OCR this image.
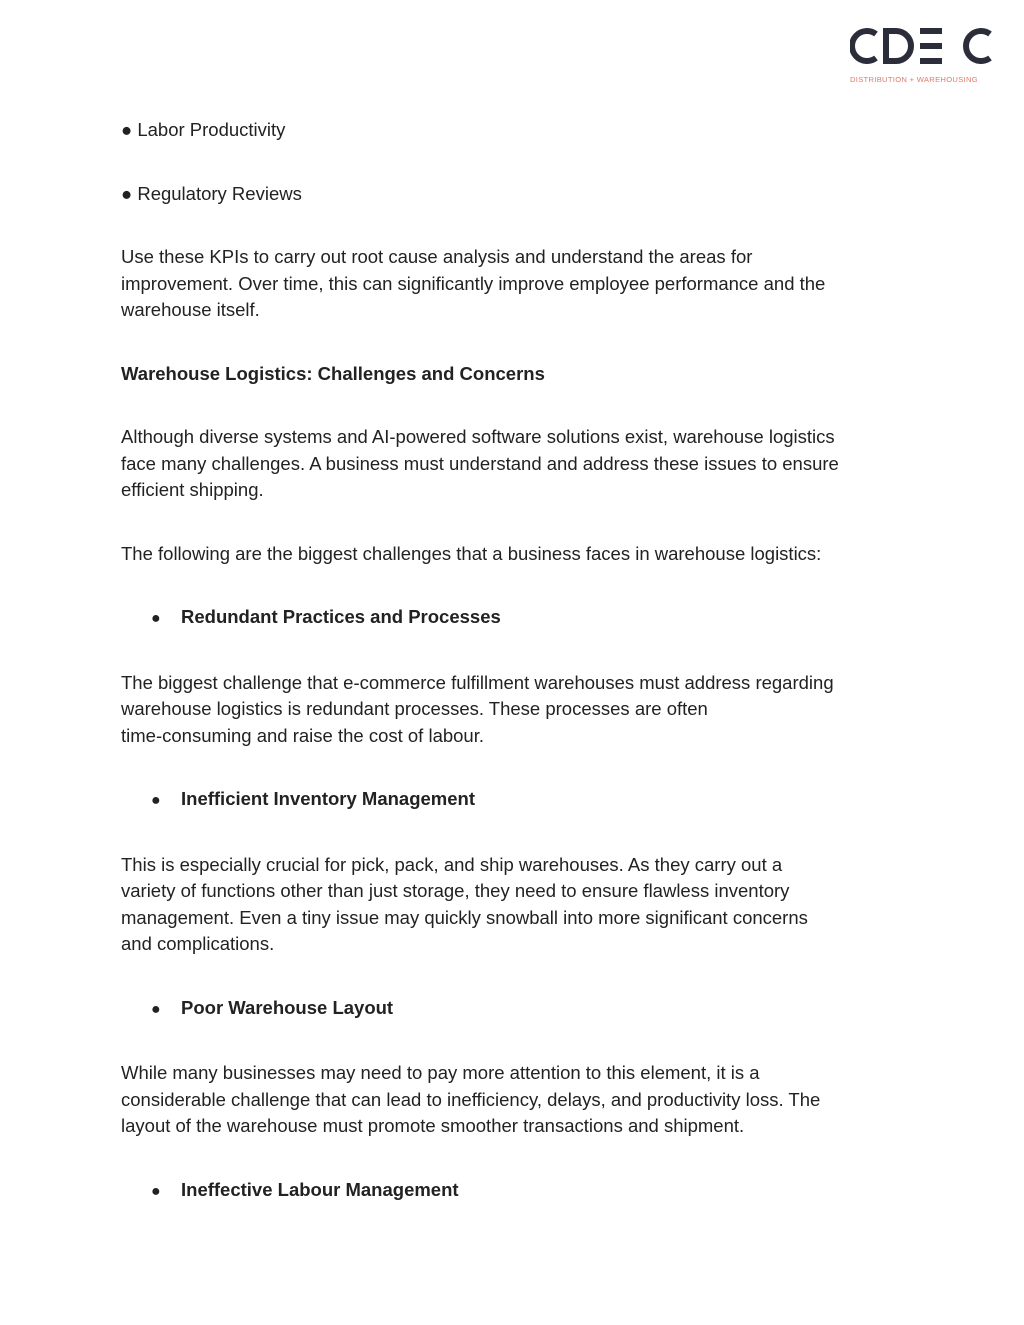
DISTRIBUTION + WAREHOUSING
● Labor Productivity
● Regulatory Reviews
Use these KPIs to carry out root cause analysis and understand the areas for
improvement. Over time, this can significantly improve employee performance and the
warehouse itself.
Warehouse Logistics: Challenges and Concerns
Although diverse systems and AI-powered software solutions exist, warehouse logistics
face many challenges. A business must understand and address these issues to ensure
efficient shipping.
The following are the biggest challenges that a business faces in warehouse logistics:
●	Redundant Practices and Processes
The biggest challenge that e-commerce fulfillment warehouses must address regarding
warehouse logistics is redundant processes. These processes are often
time-consuming and raise the cost of labour.
●	Inefficient Inventory Management
This is especially crucial for pick, pack, and ship warehouses. As they carry out a
variety of functions other than just storage, they need to ensure flawless inventory
management. Even a tiny issue may quickly snowball into more significant concerns
and complications.
●	Poor Warehouse Layout
While many businesses may need to pay more attention to this element, it is a
considerable challenge that can lead to inefficiency, delays, and productivity loss. The
layout of the warehouse must promote smoother transactions and shipment.
●	Ineffective Labour Management
